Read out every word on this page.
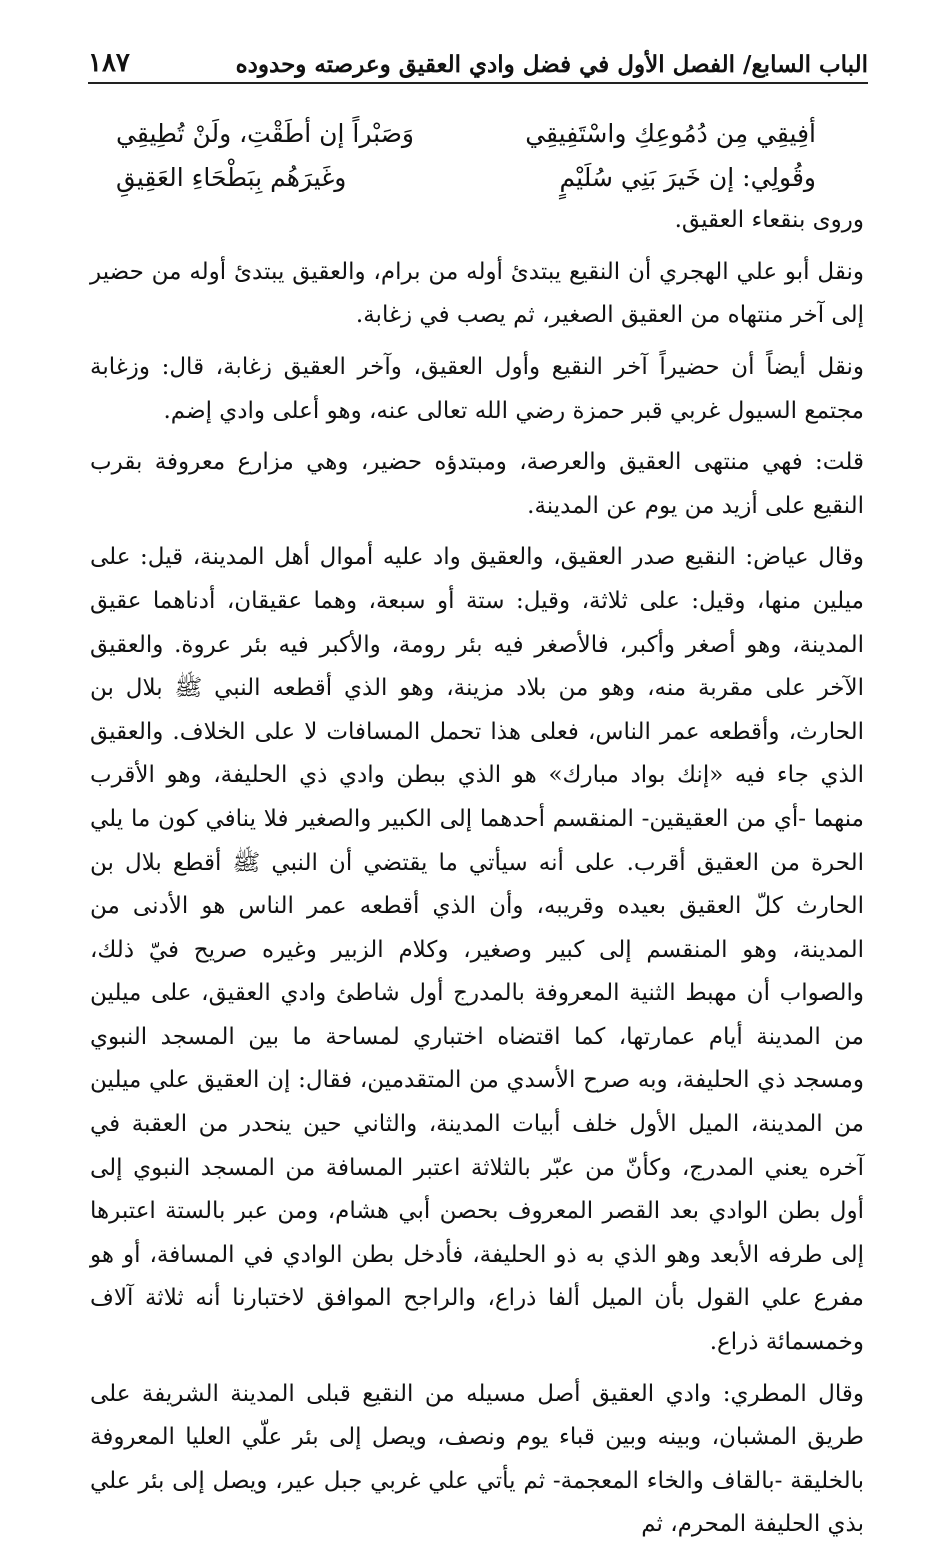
الباب السابع/ الفصل الأول في فضل وادي العقيق وعرصته وحدوده
١٨٧
أفِيقِي مِن دُمُوعِكِ واسْتَفِيقِي
وَصَبْراً إن أطَقْتِ، ولَنْ تُطِيقِي
وقُولِي: إن خَيرَ بَنِي سُلَيْمٍ
وغَيرَهُم بِبَطْحَاءِ العَقِيقِ

وروى بنقعاء العقيق.

ونقل أبو علي الهجري أن النقيع يبتدئ أوله من برام، والعقيق يبتدئ أوله من حضير إلى آخر منتهاه من العقيق الصغير، ثم يصب في زغابة.

ونقل أيضاً أن حضيراً آخر النقيع وأول العقيق، وآخر العقيق زغابة، قال: وزغابة مجتمع السيول غربي قبر حمزة رضي الله تعالى عنه، وهو أعلى وادي إضم.

قلت: فهي منتهى العقيق والعرصة، ومبتدؤه حضير، وهي مزارع معروفة بقرب النقيع على أزيد من يوم عن المدينة.

وقال عياض: النقيع صدر العقيق، والعقيق واد عليه أموال أهل المدينة، قيل: على ميلين منها، وقيل: على ثلاثة، وقيل: ستة أو سبعة، وهما عقيقان، أدناهما عقيق المدينة، وهو أصغر وأكبر، فالأصغر فيه بئر رومة، والأكبر فيه بئر عروة. والعقيق الآخر على مقربة منه، وهو من بلاد مزينة، وهو الذي أقطعه النبي ﷺ بلال بن الحارث، وأقطعه عمر الناس، فعلى هذا تحمل المسافات لا على الخلاف. والعقيق الذي جاء فيه «إنك بواد مبارك» هو الذي ببطن وادي ذي الحليفة، وهو الأقرب منهما -أي من العقيقين- المنقسم أحدهما إلى الكبير والصغير فلا ينافي كون ما يلي الحرة من العقيق أقرب. على أنه سيأتي ما يقتضي أن النبي ﷺ أقطع بلال بن الحارث كلّ العقيق بعيده وقريبه، وأن الذي أقطعه عمر الناس هو الأدنى من المدينة، وهو المنقسم إلى كبير وصغير، وكلام الزبير وغيره صريح فيّ ذلك، والصواب أن مهبط الثنية المعروفة بالمدرج أول شاطئ وادي العقيق، على ميلين من المدينة أيام عمارتها، كما اقتضاه اختباري لمساحة ما بين المسجد النبوي ومسجد ذي الحليفة، وبه صرح الأسدي من المتقدمين، فقال: إن العقيق علي ميلين من المدينة، الميل الأول خلف أبيات المدينة، والثاني حين ينحدر من العقبة في آخره يعني المدرج، وكأنّ من عبّر بالثلاثة اعتبر المسافة من المسجد النبوي إلى أول بطن الوادي بعد القصر المعروف بحصن أبي هشام، ومن عبر بالستة اعتبرها إلى طرفه الأبعد وهو الذي به ذو الحليفة، فأدخل بطن الوادي في المسافة، أو هو مفرع علي القول بأن الميل ألفا ذراع، والراجح الموافق لاختبارنا أنه ثلاثة آلاف وخمسمائة ذراع.

وقال المطري: وادي العقيق أصل مسيله من النقيع قبلى المدينة الشريفة على طريق المشبان، وبينه وبين قباء يوم ونصف، ويصل إلى بئر علّي العليا المعروفة بالخليقة -بالقاف والخاء المعجمة- ثم يأتي علي غربي جبل عير، ويصل إلى بئر علي بذي الحليفة المحرم، ثم
